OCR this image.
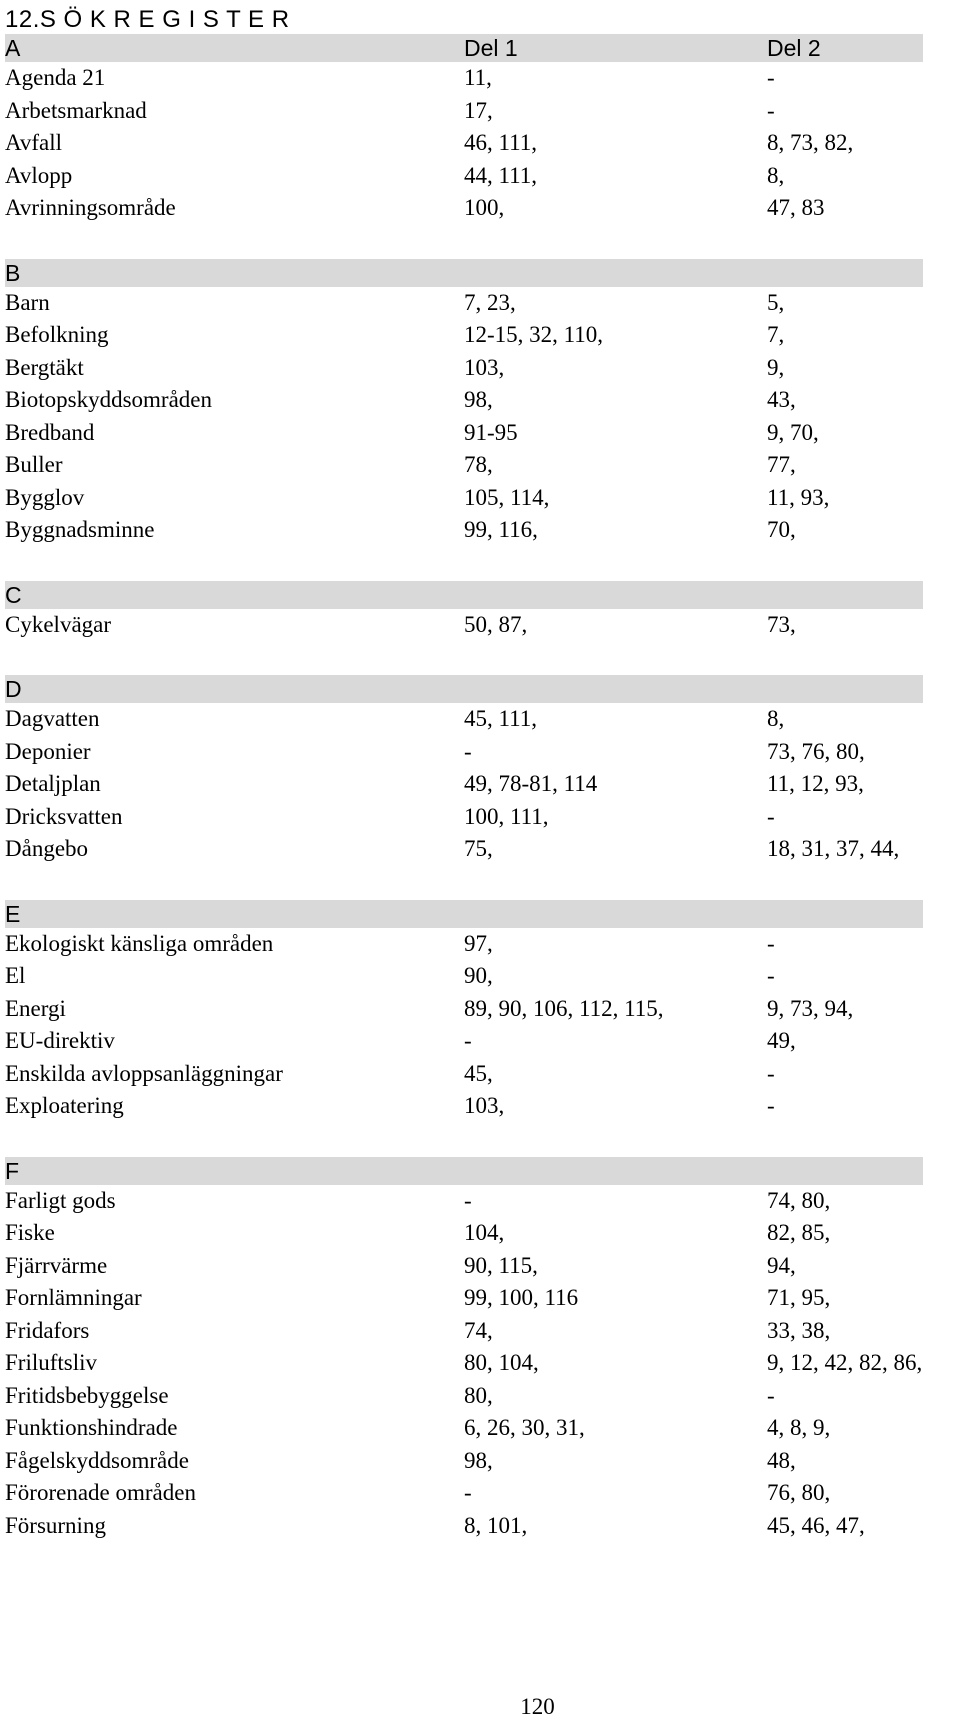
12.S Ö K R E G I S T E R
A	Del 1	Del 2
Agenda 21	11,	-
Arbetsmarknad	17,	-
Avfall	46, 111,	8, 73, 82,
Avlopp	44, 111,	8,
Avrinningsområde	100,	47, 83
B
Barn	7, 23,	5,
Befolkning	12-15, 32, 110,	7,
Bergtäkt	103,	9,
Biotopskyddsområden	98,	43,
Bredband	91-95	9, 70,
Buller	78,	77,
Bygglov	105, 114,	11, 93,
Byggnadsminne	99, 116,	70,
C
Cykelvägar	50, 87,	73,
D
Dagvatten	45, 111,	8,
Deponier	-	73, 76, 80,
Detaljplan	49, 78-81, 114	11, 12, 93,
Dricksvatten	100, 111,	-
Dångebo	75,	18, 31, 37, 44,
E
Ekologiskt känsliga områden	97,	-
El	90,	-
Energi	89, 90, 106, 112, 115,	9, 73, 94,
EU-direktiv	-	49,
Enskilda avloppsanläggningar	45,	-
Exploatering	103,	-
F
Farligt gods	-	74, 80,
Fiske	104,	82, 85,
Fjärrvärme	90, 115,	94,
Fornlämningar	99, 100, 116	71, 95,
Fridafors	74,	33, 38,
Friluftsliv	80, 104,	9, 12, 42, 82, 86,
Fritidsbebyggelse	80,	-
Funktionshindrade	6, 26, 30, 31,	4, 8, 9,
Fågelskyddsområde	98,	48,
Förorenade områden	-	76, 80,
Försurning	8, 101,	45, 46, 47,
120
